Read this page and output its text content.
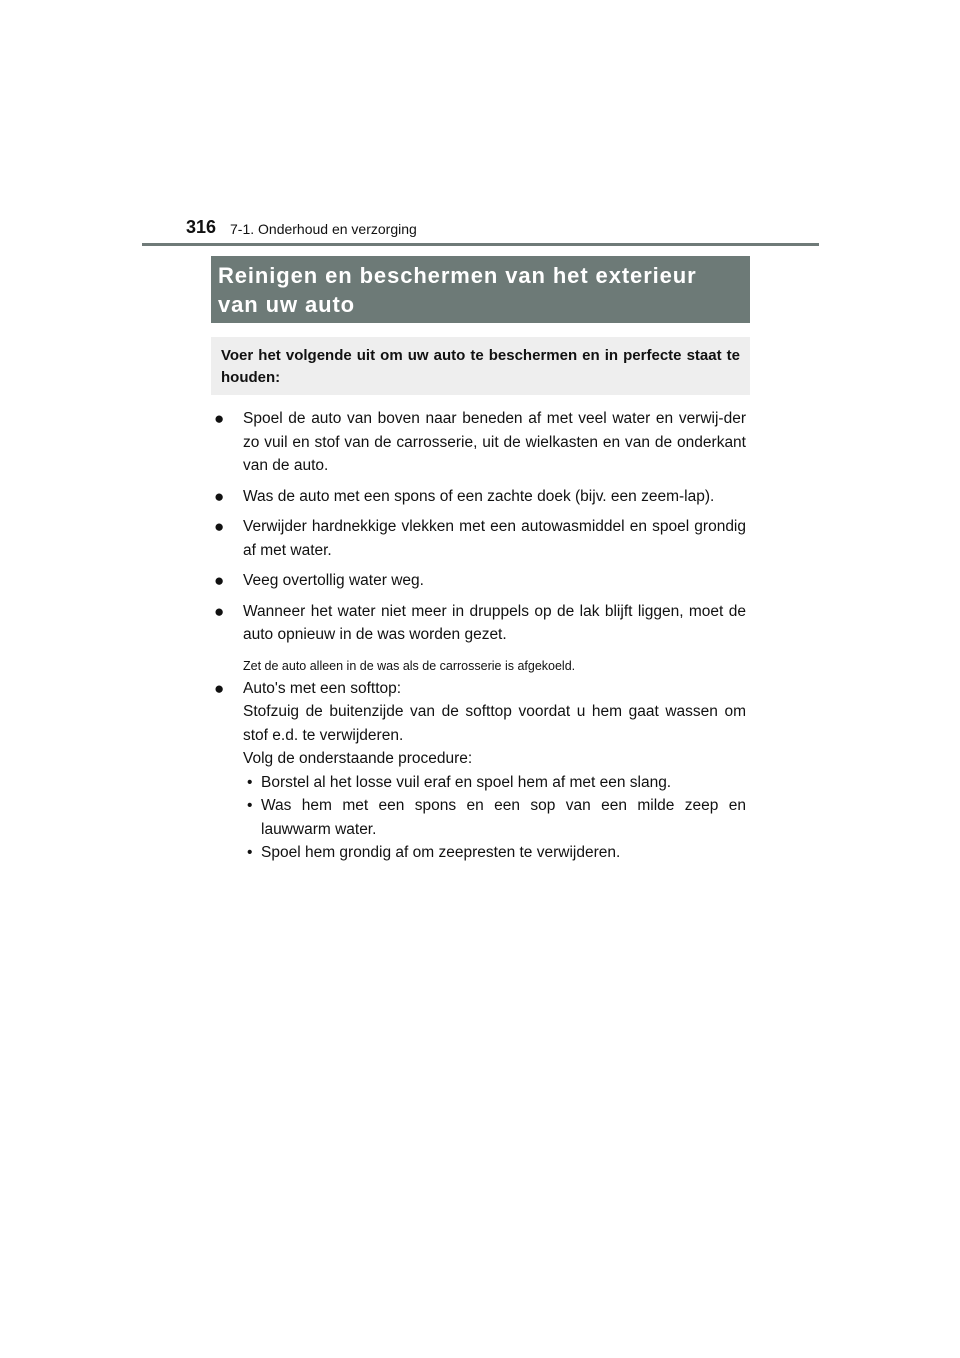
316 7-1. Onderhoud en verzorging
Reinigen en beschermen van het exterieur van uw auto
Voer het volgende uit om uw auto te beschermen en in perfecte staat te houden:
● Spoel de auto van boven naar beneden af met veel water en verwij-der zo vuil en stof van de carrosserie, uit de wielkasten en van de onderkant van de auto.
● Was de auto met een spons of een zachte doek (bijv. een zeem-lap).
● Verwijder hardnekkige vlekken met een autowasmiddel en spoel grondig af met water.
● Veeg overtollig water weg.
● Wanneer het water niet meer in druppels op de lak blijft liggen, moet de auto opnieuw in de was worden gezet.
Zet de auto alleen in de was als de carrosserie is afgekoeld.
● Auto's met een softtop:
Stofzuig de buitenzijde van de softtop voordat u hem gaat wassen om stof e.d. te verwijderen.
Volg de onderstaande procedure:
• Borstel al het losse vuil eraf en spoel hem af met een slang.
• Was hem met een spons en een sop van een milde zeep en lauwwarm water.
• Spoel hem grondig af om zeepresten te verwijderen.
